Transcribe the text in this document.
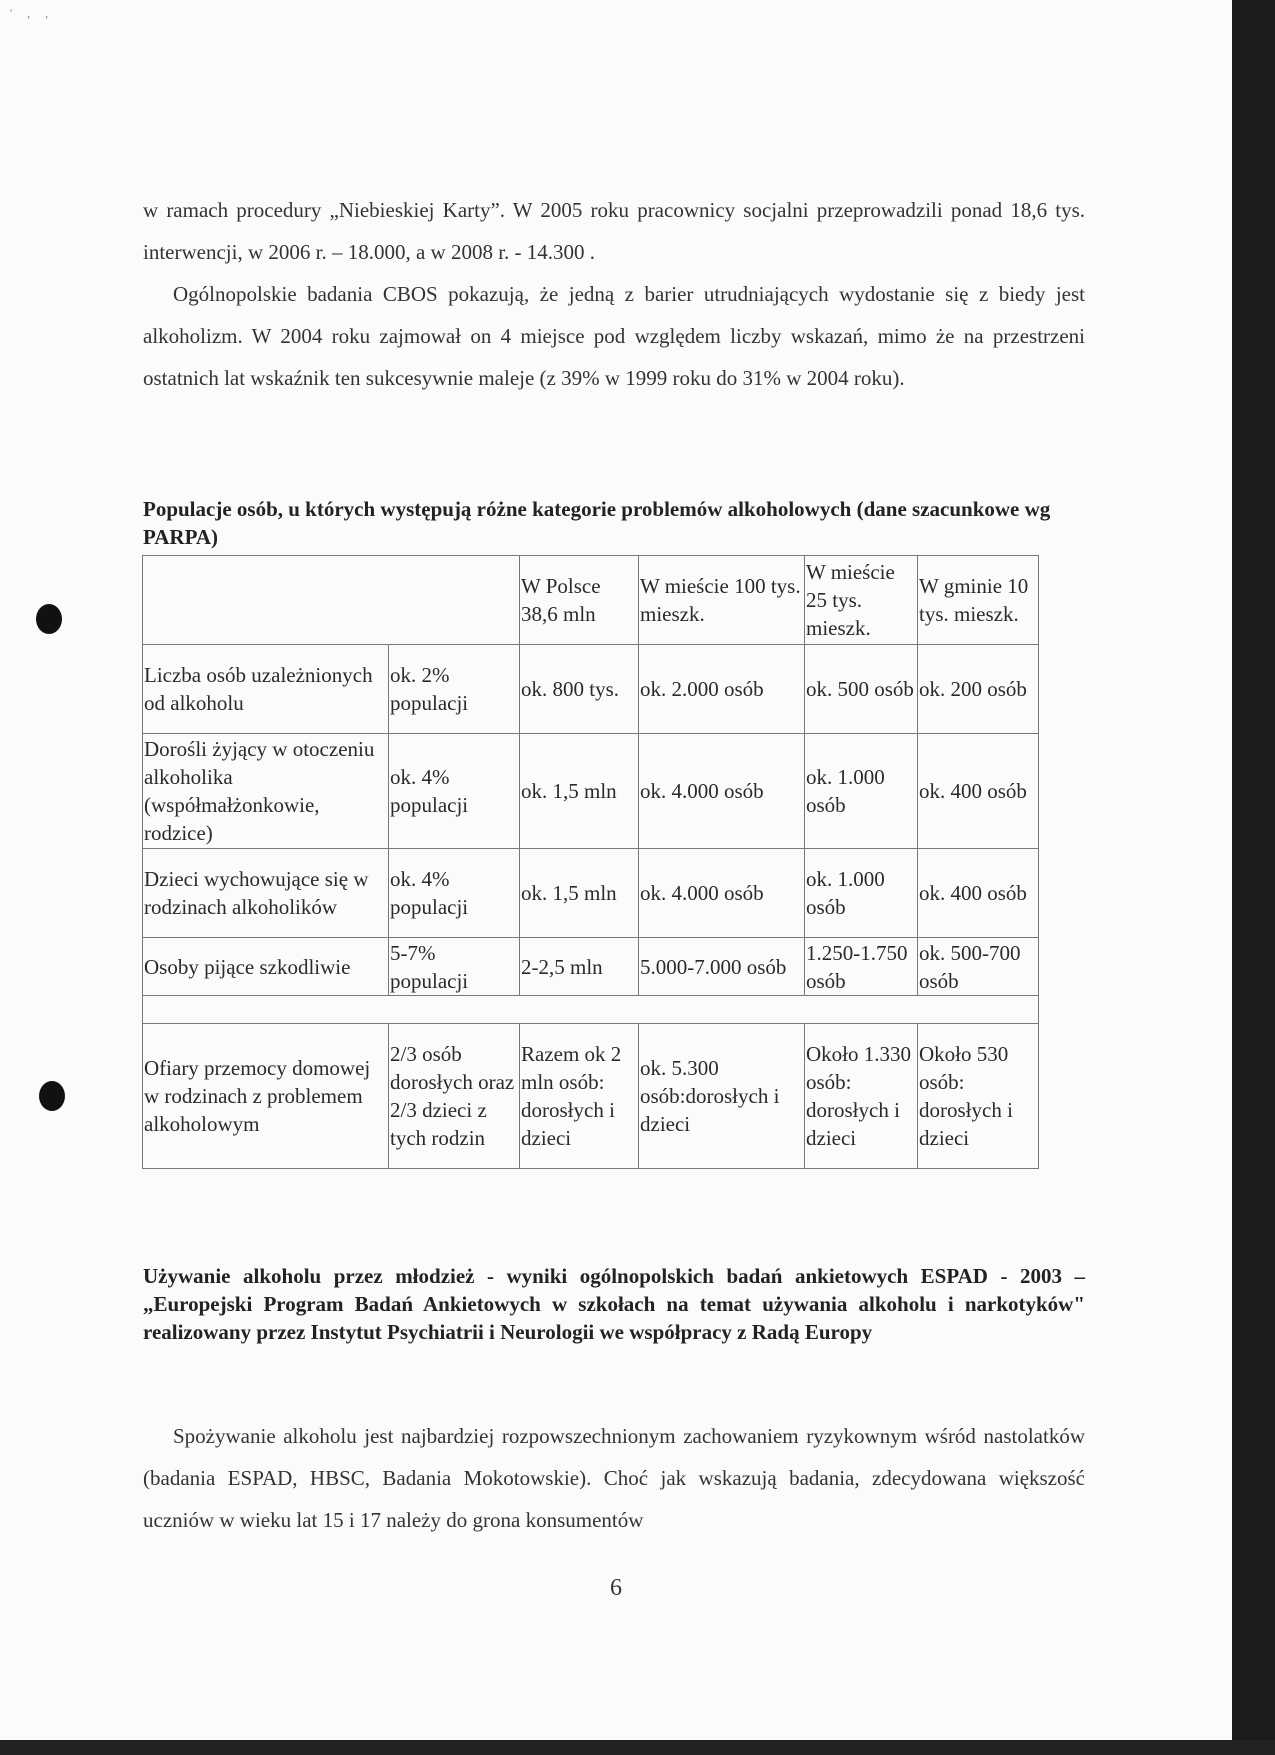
' , ,

w ramach procedury „Niebieskiej Karty”. W 2005 roku pracownicy socjalni przeprowadzili ponad 18,6 tys. interwencji, w 2006 r. – 18.000, a w 2008 r. - 14.300 .

Ogólnopolskie badania CBOS pokazują, że jedną z barier utrudniających wydostanie się z biedy jest alkoholizm. W 2004 roku zajmował on 4 miejsce pod względem liczby wskazań, mimo że na przestrzeni ostatnich lat wskaźnik ten sukcesywnie maleje (z 39% w 1999 roku do 31% w 2004 roku).

Populacje osób, u których występują różne kategorie problemów alkoholowych (dane szacunkowe wg PARPA)

		W Polsce 38,6 mln	W mieście 100 tys. mieszk.	W mieście 25 tys. mieszk.	W gminie 10 tys. mieszk.
Liczba osób uzależnionych od alkoholu	ok. 2% populacji	ok. 800 tys.	ok. 2.000 osób	ok. 500 osób	ok. 200 osób
Dorośli żyjący w otoczeniu alkoholika (współmałżonkowie, rodzice)	ok. 4% populacji	ok. 1,5 mln	ok. 4.000 osób	ok. 1.000 osób	ok. 400 osób
Dzieci wychowujące się w rodzinach alkoholików	ok. 4% populacji	ok. 1,5 mln	ok. 4.000 osób	ok. 1.000 osób	ok. 400 osób
Osoby pijące szkodliwie	5-7% populacji	2-2,5 mln	5.000-7.000 osób	1.250-1.750 osób	ok. 500-700 osób

Ofiary przemocy domowej w rodzinach z problemem alkoholowym	2/3 osób dorosłych oraz 2/3 dzieci z tych rodzin	Razem ok 2 mln osób: dorosłych i dzieci	ok. 5.300 osób:dorosłych i dzieci	Około 1.330 osób: dorosłych i dzieci	Około 530 osób: dorosłych i dzieci

Używanie alkoholu przez młodzież - wyniki ogólnopolskich badań ankietowych ESPAD - 2003 – „Europejski Program Badań Ankietowych w szkołach na temat używania alkoholu i narkotyków" realizowany przez Instytut Psychiatrii i Neurologii we współpracy z Radą Europy

Spożywanie alkoholu jest najbardziej rozpowszechnionym zachowaniem ryzykownym wśród nastolatków (badania ESPAD, HBSC, Badania Mokotowskie). Choć jak wskazują badania, zdecydowana większość uczniów w wieku lat 15 i 17 należy do grona konsumentów

6
